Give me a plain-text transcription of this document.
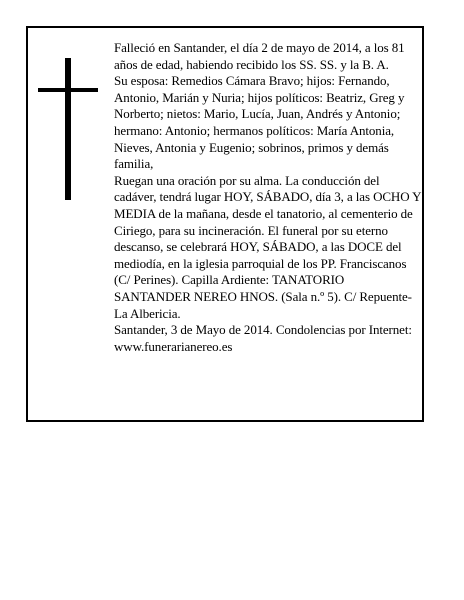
Falleció en Santander, el día 2 de mayo de 2014, a los 81 años de edad, habiendo recibido los SS. SS. y la B. A.

Su esposa: Remedios Cámara Bravo; hijos: Fernando, Antonio, Marián y Nuria; hijos políticos: Beatriz, Greg y Norberto; nietos: Mario, Lucía, Juan, Andrés y Antonio; hermano: Antonio; hermanos políticos: María Antonia, Nieves, Antonia y Eugenio; sobrinos, primos y demás familia,

Ruegan una oración por su alma. La conducción del cadáver, tendrá lugar HOY, SÁBADO, día 3, a las OCHO Y MEDIA de la mañana, desde el tanatorio, al cementerio de Ciriego, para su incineración. El funeral por su eterno descanso, se celebrará HOY, SÁBADO, a las DOCE del mediodía, en la iglesia parroquial de los PP. Franciscanos (C/ Perines). Capilla Ardiente: TANATORIO SANTANDER NEREO HNOS. (Sala n.º 5). C/ Repuente-La Albericia.

Santander, 3 de Mayo de 2014. Condolencias por Internet: www.funerarianereo.es
